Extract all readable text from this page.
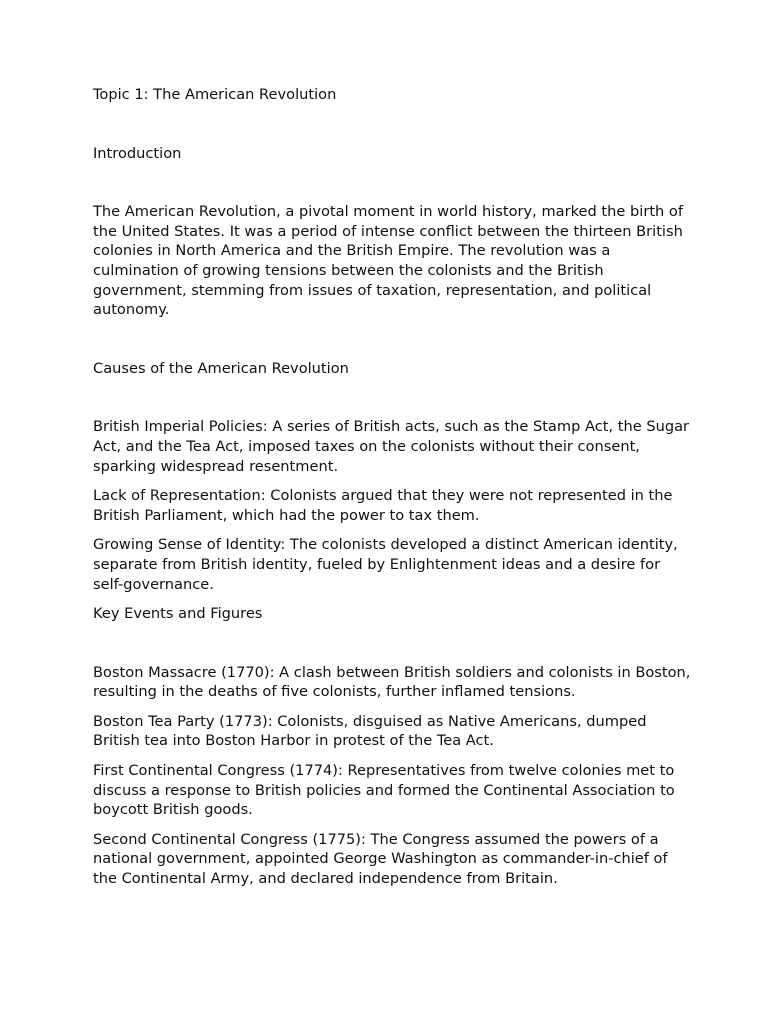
Topic 1: The American Revolution

Introduction

The American Revolution, a pivotal moment in world history, marked the birth of the United States. It was a period of intense conflict between the thirteen British colonies in North America and the British Empire. The revolution was a culmination of growing tensions between the colonists and the British government, stemming from issues of taxation, representation, and political autonomy.

Causes of the American Revolution

British Imperial Policies: A series of British acts, such as the Stamp Act, the Sugar Act, and the Tea Act, imposed taxes on the colonists without their consent, sparking widespread resentment.

Lack of Representation: Colonists argued that they were not represented in the British Parliament, which had the power to tax them.

Growing Sense of Identity: The colonists developed a distinct American identity, separate from British identity, fueled by Enlightenment ideas and a desire for self-governance.

Key Events and Figures

Boston Massacre (1770): A clash between British soldiers and colonists in Boston, resulting in the deaths of five colonists, further inflamed tensions.

Boston Tea Party (1773): Colonists, disguised as Native Americans, dumped British tea into Boston Harbor in protest of the Tea Act.

First Continental Congress (1774): Representatives from twelve colonies met to discuss a response to British policies and formed the Continental Association to boycott British goods.

Second Continental Congress (1775): The Congress assumed the powers of a national government, appointed George Washington as commander-in-chief of the Continental Army, and declared independence from Britain.
